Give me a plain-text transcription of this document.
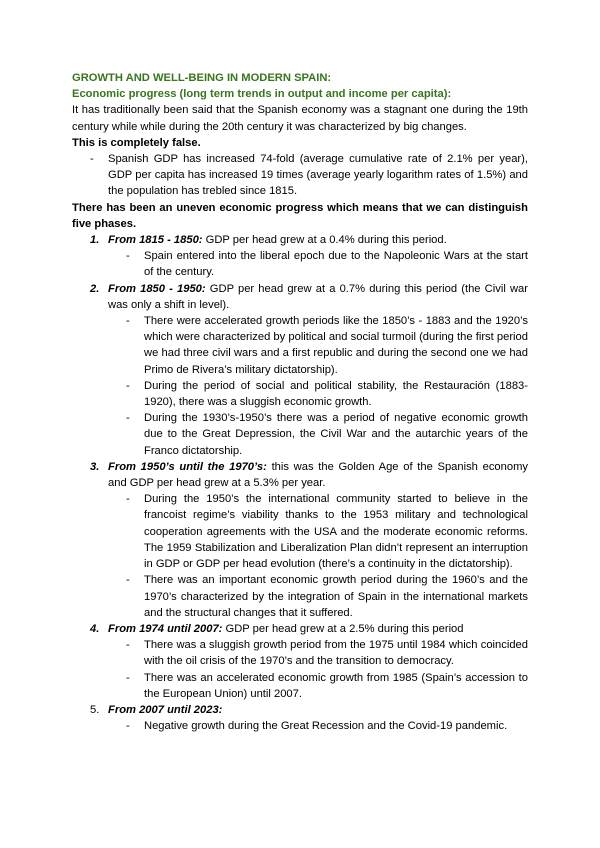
GROWTH AND WELL-BEING IN MODERN SPAIN:

Economic progress (long term trends in output and income per capita):

It has traditionally been said that the Spanish economy was a stagnant one during the 19th century while while during the 20th century it was characterized by big changes.

This is completely false.

- Spanish GDP has increased 74-fold (average cumulative rate of 2.1% per year), GDP per capita has increased 19 times (average yearly logarithm rates of 1.5%) and the population has trebled since 1815.

There has been an uneven economic progress which means that we can distinguish five phases.

1. From 1815 - 1850: GDP per head grew at a 0.4% during this period.
- Spain entered into the liberal epoch due to the Napoleonic Wars at the start of the century.
2. From 1850 - 1950: GDP per head grew at a 0.7% during this period (the Civil war was only a shift in level).
- There were accelerated growth periods like the 1850’s - 1883 and the 1920’s which were characterized by political and social turmoil (during the first period we had three civil wars and a first republic and during the second one we had Primo de Rivera’s military dictatorship).
- During the period of social and political stability, the Restauración (1883-1920), there was a sluggish economic growth.
- During the 1930’s-1950’s there was a period of negative economic growth due to the Great Depression, the Civil War and the autarchic years of the Franco dictatorship.
3. From 1950’s until the 1970’s: this was the Golden Age of the Spanish economy and GDP per head grew at a 5.3% per year.
- During the 1950’s the international community started to believe in the francoist regime’s viability thanks to the 1953 military and technological cooperation agreements with the USA and the moderate economic reforms. The 1959 Stabilization and Liberalization Plan didn’t represent an interruption in GDP or GDP per head evolution (there’s a continuity in the dictatorship).
- There was an important economic growth period during the 1960’s and the 1970’s characterized by the integration of Spain in the international markets and the structural changes that it suffered.
4. From 1974 until 2007: GDP per head grew at a 2.5% during this period
- There was a sluggish growth period from the 1975 until 1984 which coincided with the oil crisis of the 1970’s and the transition to democracy.
- There was an accelerated economic growth from 1985 (Spain’s accession to the European Union) until 2007.
5. From 2007 until 2023:
- Negative growth during the Great Recession and the Covid-19 pandemic.
